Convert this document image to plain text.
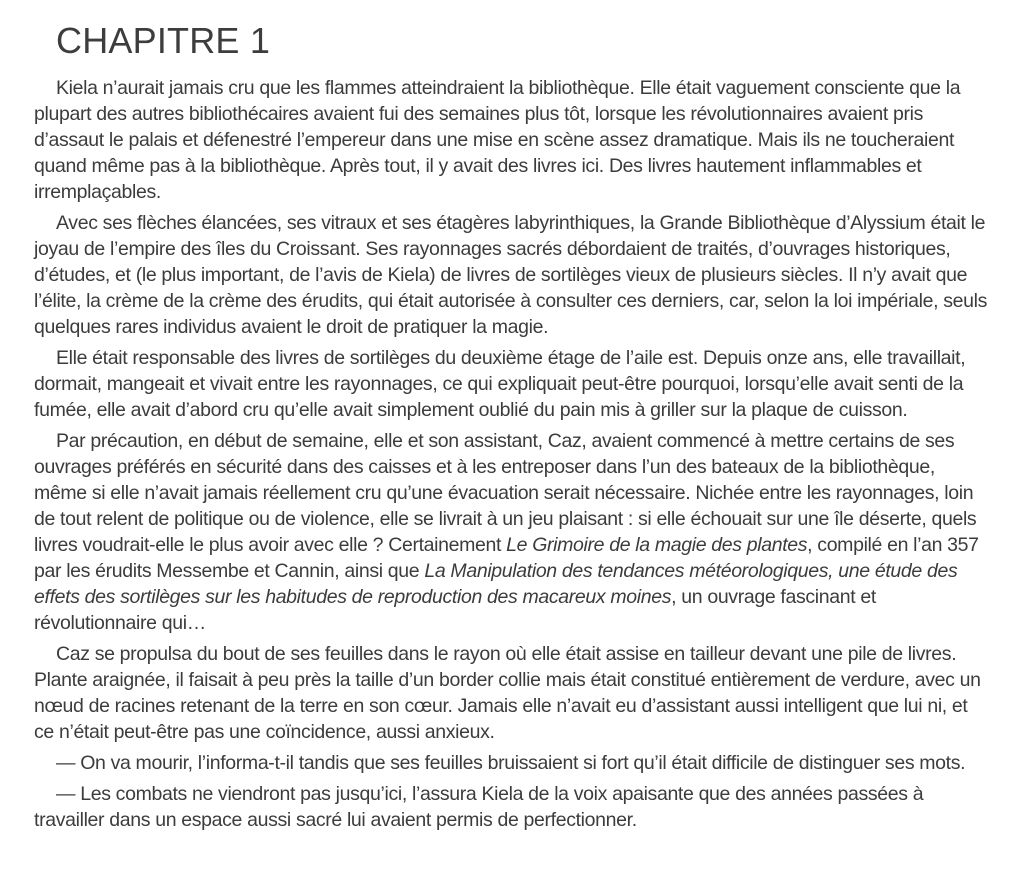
CHAPITRE 1

Kiela n’aurait jamais cru que les flammes atteindraient la bibliothèque. Elle était vaguement consciente que la plupart des autres bibliothécaires avaient fui des semaines plus tôt, lorsque les révolutionnaires avaient pris d’assaut le palais et défenestré l’empereur dans une mise en scène assez dramatique. Mais ils ne toucheraient quand même pas à la bibliothèque. Après tout, il y avait des livres ici. Des livres hautement inflammables et irremplaçables.

Avec ses flèches élancées, ses vitraux et ses étagères labyrinthiques, la Grande Bibliothèque d’Alyssium était le joyau de l’empire des îles du Croissant. Ses rayonnages sacrés débordaient de traités, d’ouvrages historiques, d’études, et (le plus important, de l’avis de Kiela) de livres de sortilèges vieux de plusieurs siècles. Il n’y avait que l’élite, la crème de la crème des érudits, qui était autorisée à consulter ces derniers, car, selon la loi impériale, seuls quelques rares individus avaient le droit de pratiquer la magie.

Elle était responsable des livres de sortilèges du deuxième étage de l’aile est. Depuis onze ans, elle travaillait, dormait, mangeait et vivait entre les rayonnages, ce qui expliquait peut-être pourquoi, lorsqu’elle avait senti de la fumée, elle avait d’abord cru qu’elle avait simplement oublié du pain mis à griller sur la plaque de cuisson.

Par précaution, en début de semaine, elle et son assistant, Caz, avaient commencé à mettre certains de ses ouvrages préférés en sécurité dans des caisses et à les entreposer dans l’un des bateaux de la bibliothèque, même si elle n’avait jamais réellement cru qu’une évacuation serait nécessaire. Nichée entre les rayonnages, loin de tout relent de politique ou de violence, elle se livrait à un jeu plaisant : si elle échouait sur une île déserte, quels livres voudrait-elle le plus avoir avec elle ? Certainement Le Grimoire de la magie des plantes, compilé en l’an 357 par les érudits Messembe et Cannin, ainsi que La Manipulation des tendances météorologiques, une étude des effets des sortilèges sur les habitudes de reproduction des macareux moines, un ouvrage fascinant et révolutionnaire qui…

Caz se propulsa du bout de ses feuilles dans le rayon où elle était assise en tailleur devant une pile de livres. Plante araignée, il faisait à peu près la taille d’un border collie mais était constitué entièrement de verdure, avec un nœud de racines retenant de la terre en son cœur. Jamais elle n’avait eu d’assistant aussi intelligent que lui ni, et ce n’était peut-être pas une coïncidence, aussi anxieux.

— On va mourir, l’informa-t-il tandis que ses feuilles bruissaient si fort qu’il était difficile de distinguer ses mots.

— Les combats ne viendront pas jusqu’ici, l’assura Kiela de la voix apaisante que des années passées à travailler dans un espace aussi sacré lui avaient permis de perfectionner.
